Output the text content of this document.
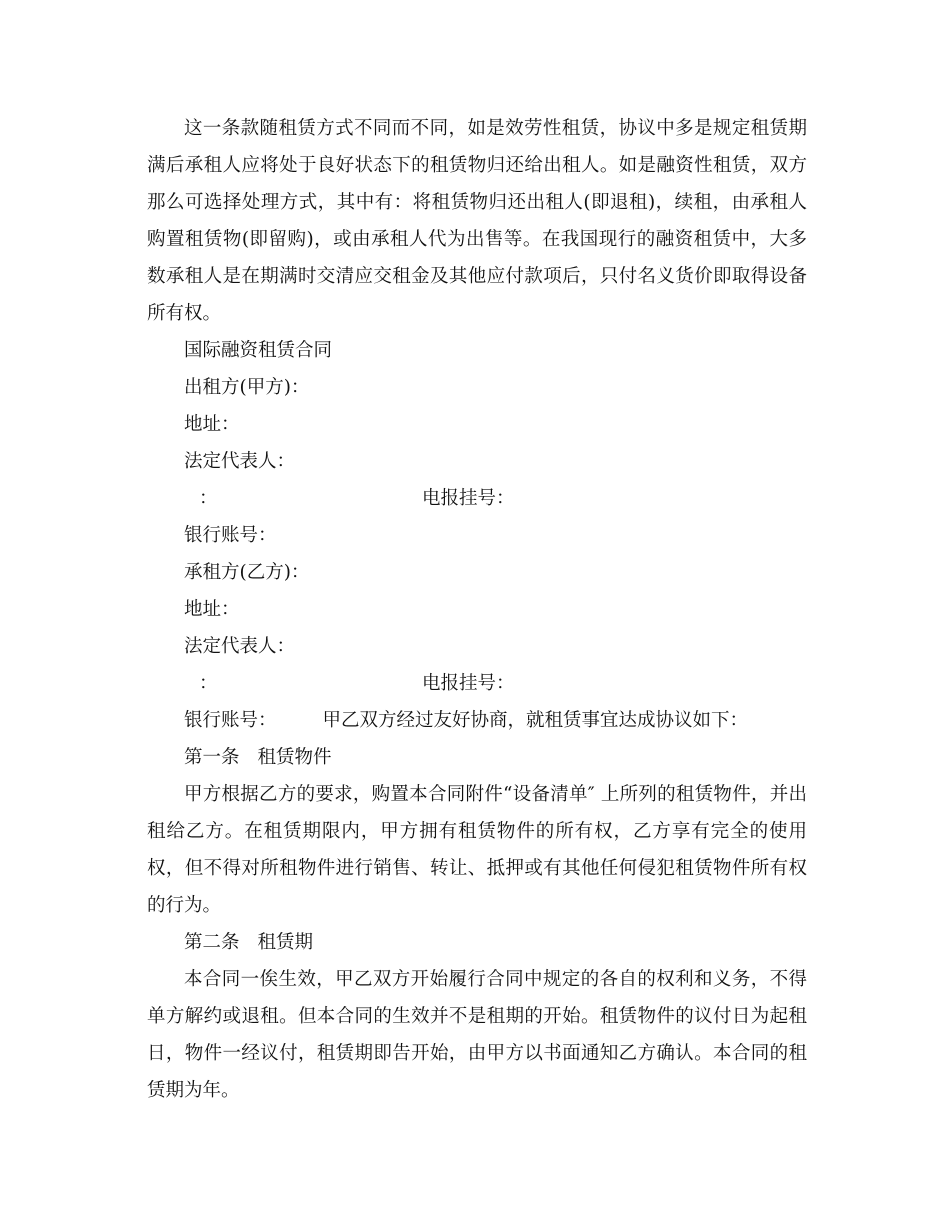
这一条款随租赁方式不同而不同，如是效劳性租赁，协议中多是规定租赁期满后承租人应将处于良好状态下的租赁物归还给出租人。如是融资性租赁，双方那么可选择处理方式，其中有：将租赁物归还出租人(即退租)，续租，由承租人购置租赁物(即留购)，或由承租人代为出售等。在我国现行的融资租赁中，大多数承租人是在期满时交清应交租金及其他应付款项后，只付名义货价即取得设备所有权。

国际融资租赁合同

出租方(甲方)：

地址：

法定代表人：

：	电报挂号：

银行账号：

承租方(乙方)：

地址：

法定代表人：

：	电报挂号：

银行账号： 甲乙双方经过友好协商，就租赁事宜达成协议如下：

第一条 租赁物件

甲方根据乙方的要求，购置本合同附件“设备清单″ 上所列的租赁物件，并出租给乙方。在租赁期限内，甲方拥有租赁物件的所有权，乙方享有完全的使用权，但不得对所租物件进行销售、转让、抵押或有其他任何侵犯租赁物件所有权的行为。

第二条 租赁期

本合同一俟生效，甲乙双方开始履行合同中规定的各自的权利和义务，不得单方解约或退租。但本合同的生效并不是租期的开始。租赁物件的议付日为起租日，物件一经议付，租赁期即告开始，由甲方以书面通知乙方确认。本合同的租赁期为年。
